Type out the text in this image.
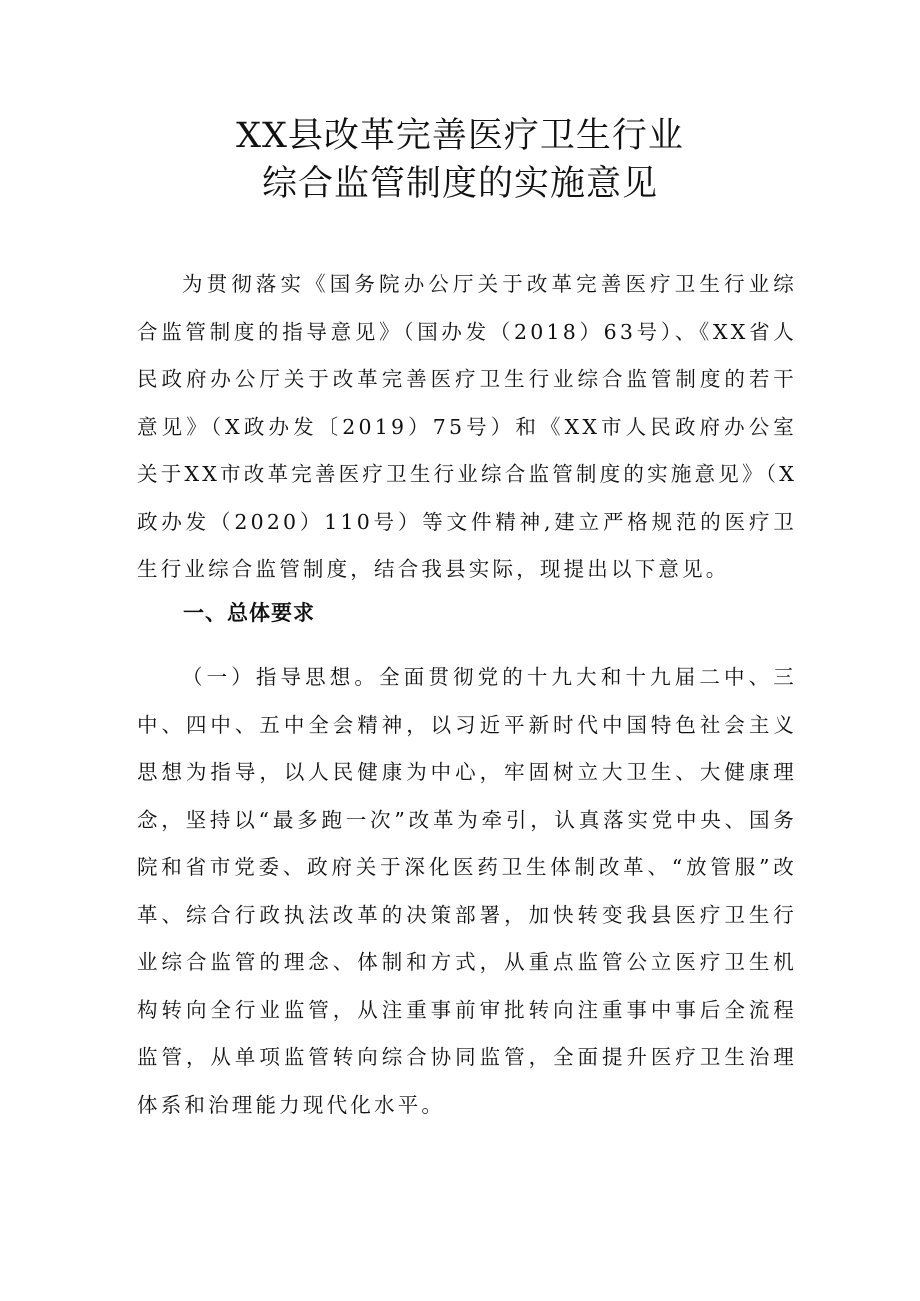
XX县改革完善医疗卫生行业
综合监管制度的实施意见
为贯彻落实《国务院办公厅关于改革完善医疗卫生行业综合监管制度的指导意见》（国办发（2018）63号）、《XX省人民政府办公厅关于改革完善医疗卫生行业综合监管制度的若干意见》（X政办发〔2019）75号）和《XX市人民政府办公室关于XX市改革完善医疗卫生行业综合监管制度的实施意见》（X政办发（2020）110号）等文件精神,建立严格规范的医疗卫生行业综合监管制度，结合我县实际，现提出以下意见。
一、总体要求
（一）指导思想。全面贯彻党的十九大和十九届二中、三中、四中、五中全会精神，以习近平新时代中国特色社会主义思想为指导，以人民健康为中心，牢固树立大卫生、大健康理念，坚持以“最多跑一次”改革为牵引，认真落实党中央、国务院和省市党委、政府关于深化医药卫生体制改革、“放管服”改革、综合行政执法改革的决策部署，加快转变我县医疗卫生行业综合监管的理念、体制和方式，从重点监管公立医疗卫生机构转向全行业监管，从注重事前审批转向注重事中事后全流程监管，从单项监管转向综合协同监管，全面提升医疗卫生治理体系和治理能力现代化水平。
